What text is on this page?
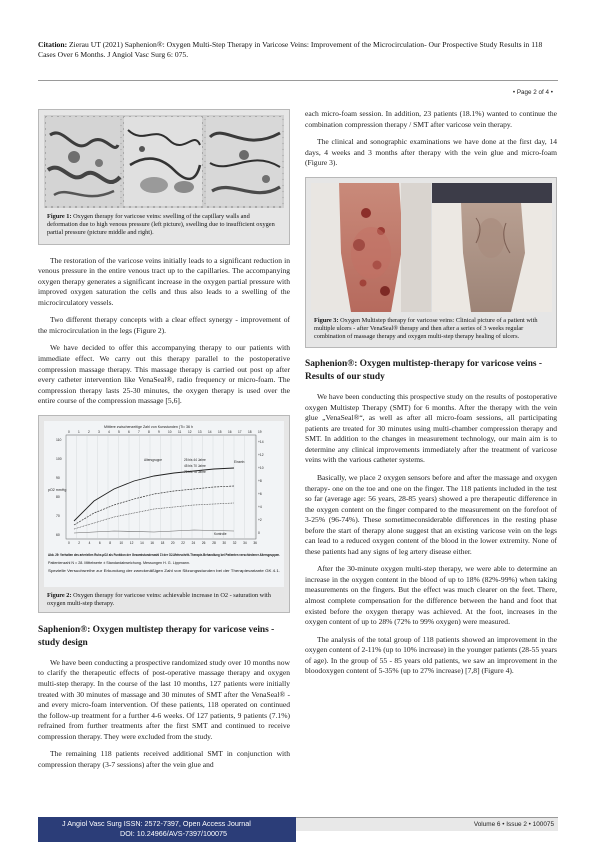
Citation: Zierau UT (2021) Saphenion®: Oxygen Multi-Step Therapy in Varicose Veins: Improvement of the Microcirculation- Our Prospective Study Results in 118 Cases Over 6 Months. J Angiol Vasc Surg 6: 075.
• Page 2 of 4 •
Figure 1: Oxygen therapy for varicose veins: swelling of the capillary walls and deformation due to high venous pressure (left picture), swelling due to insufficient oxygen partial pressure (picture middle and right).

The restoration of the varicose veins initially leads to a significant reduction in venous pressure in the entire venous tract up to the capillaries. The accompanying oxygen therapy generates a significant increase in the oxygen partial pressure with improved oxygen saturation the cells and thus also leads to a swelling of the microcirculatory vessels.

Two different therapy concepts with a clear effect synergy - improvement of the microcirculation in the legs (Figure 2).

We have decided to offer this accompanying therapy to our patients with immediate effect. We carry out this therapy parallel to the postoperative compression massage therapy. This massage therapy is carried out post op after every catheter intervention like VenaSeal®, radio frequency or micro-foam. The compression therapy lasts 25-30 minutes, the oxygen therapy is used over the entire course of the compression massage [5,6].

Mittlere zwischenzeitige Zahl von Kursstunden (Ti= 36 h
0	1	2	3	4	5	6	7	8	9	10 11 12 13 14 15 16 17 18 19
110
100
90
80
70
60
+14
+12
+10
+8
+6
+4
+2
0
pO2 mmHg
Altersgruppe	25 bis 44 Jahre
45 bis 70 Jahre
70 bis 78 Jahre
Einzeln
Kontrolle
0	2	4	6	8	10 12 14 16 18 20 22 24 26 28 30 32 34 36
Abb. 29: Verhalten des arteriellen Ruhe-pO2 als Funktion der Gesamtstundenzahl Σt der O2-Mehrschritt-Therapie-Behandlung bei Patienten verschiedener Altersgruppen.
Patientenzahl N = 28. Mittelwerte ± Standardabweichung. Messungen H. G. Lippmann.
Spezielle Versuchsreihe zur Erkundung der zweckmäßigen Zahl von Sitzungsstunden bei der Therapievariante GK 4.1.
Figure 2: Oxygen therapy for varicose veins: achievable increase in O2 - saturation with oxygen multi-step therapy.
Saphenion®: Oxygen multistep therapy for varicose veins - study design

We have been conducting a prospective randomized study over 10 months now to clarify the therapeutic effects of post-operative massage therapy and oxygen multi-step therapy. In the course of the last 10 months, 127 patients were initially treated with 30 minutes of massage and 30 minutes of SMT after the VenaSeal® - and every micro-foam intervention. Of these patients, 118 operated on continued the follow-up treatment for a further 4-6 weeks. Of 127 patients, 9 patients (7.1%) refrained from further treatments after the first SMT and continued to receive compression therapy. They were excluded from the study.

The remaining 118 patients received additional SMT in conjunction with compression therapy (3-7 sessions) after the vein glue and

each micro-foam session. In addition, 23 patients (18.1%) wanted to continue the combination compression therapy / SMT after varicose vein therapy.

The clinical and sonographic examinations we have done at the first day, 14 days, 4 weeks and 3 months after therapy with the vein glue and micro-foam (Figure 3).

Figure 3: Oxygen Multistep therapy for varicose veins: Clinical picture of a patient with multiple ulcers - after VenaSeal® therapy and then after a series of 3 weeks regular combination of massage therapy and oxygen multi-step therapy healing of ulcers.
Saphenion®: Oxygen multistep-therapy for varicose veins -Results of our study

We have been conducting this prospective study on the results of postoperative oxygen Multistep Therapy (SMT) for 6 months. After the therapy with the vein glue „VenaSeal®“, as well as after all micro-foam sessions, all participating patients are treated for 30 minutes using multi-chamber compression therapy and SMT. In addition to the changes in measurement technology, our main aim is to determine any clinical improvements immediately after the treatment of varicose veins with the various catheter systems.

Basically, we place 2 oxygen sensors before and after the massage and oxygen therapy- one on the toe and one on the finger. The 118 patients included in the test so far (average age: 56 years, 28-85 years) showed a pre therapeutic difference in the oxygen content on the finger compared to the measurement on the forefoot of 3-25% (96-74%). These sometimeconsiderable differences in the resting phase before the start of therapy alone suggest that an existing varicose vein on the legs can lead to a reduced oxygen content of the blood in the lower extremity. None of these patients had any signs of leg artery disease either.

After the 30-minute oxygen multi-step therapy, we were able to determine an increase in the oxygen content in the blood of up to 18% (82%-99%) when taking measurements on the fingers. But the effect was much clearer on the feet. There, almost complete compensation for the difference between the hand and foot that existed before the oxygen therapy was achieved. At the foot, increases in the oxygen content of up to 28% (72% to 99% oxygen) were measured.

The analysis of the total group of 118 patients showed an improvement in the oxygen content of 2-11% (up to 10% increase) in the younger patients (28-55 years of age). In the group of 55 - 85 years old patients, we saw an improvement in the bloodoxygen content of 5-35% (up to 27% increase) [7,8] (Figure 4).

J Angiol Vasc Surg ISSN: 2572-7397, Open Access Journal
DOI: 10.24966/AVS-7397/100075
Volume 6 • Issue 2 • 100075
